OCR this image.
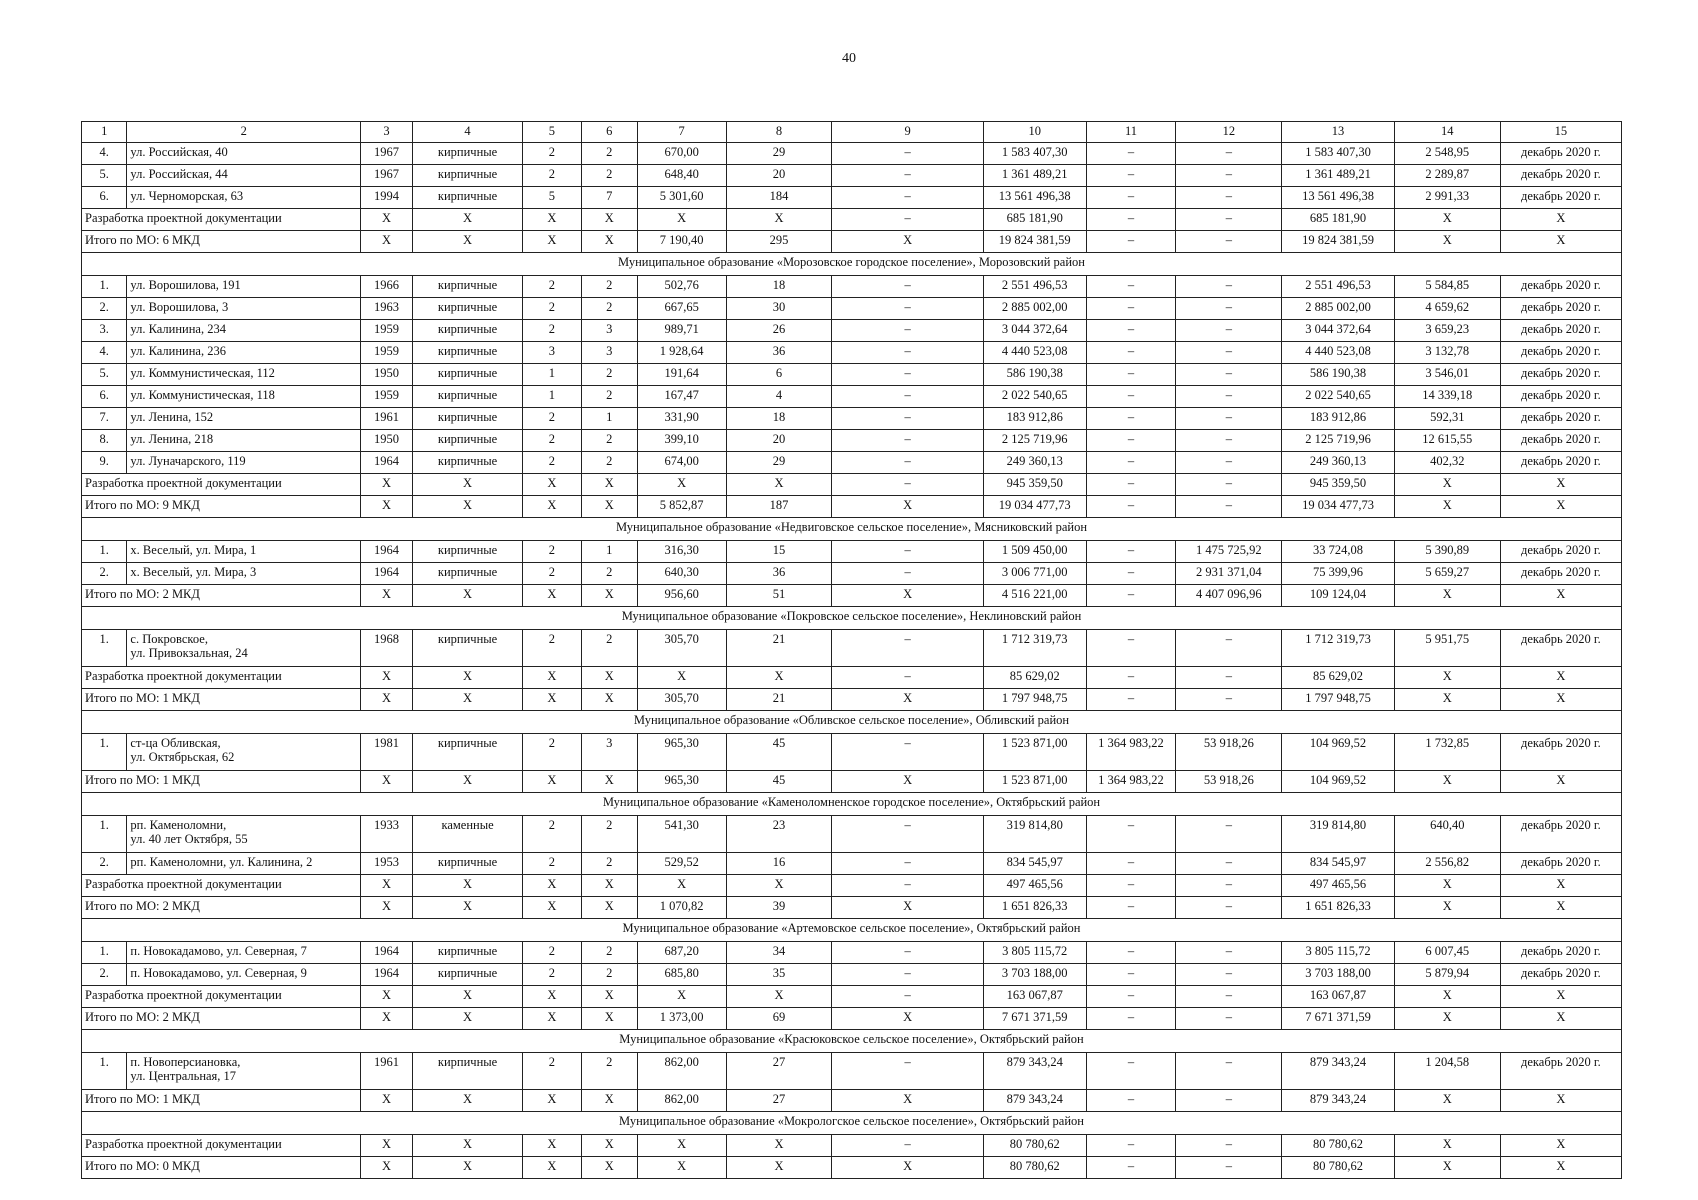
40
1	2	3	4	5	6	7	8	9	10	11	12	13	14	15
4.	ул. Российская, 40	1967	кирпичные	2	2	670,00	29	–	1 583 407,30	–	–	1 583 407,30	2 548,95	декабрь 2020 г.
5.	ул. Российская, 44	1967	кирпичные	2	2	648,40	20	–	1 361 489,21	–	–	1 361 489,21	2 289,87	декабрь 2020 г.
6.	ул. Черноморская, 63	1994	кирпичные	5	7	5 301,60	184	–	13 561 496,38	–	–	13 561 496,38	2 991,33	декабрь 2020 г.
Разработка проектной документации		X	X	X	X	X	X	–	685 181,90	–	–	685 181,90	X	X
Итого по МО: 6 МКД		X	X	X	X	7 190,40	295	X	19 824 381,59	–	–	19 824 381,59	X	X
Муниципальное образование «Морозовское городское поселение», Морозовский район														
1.	ул. Ворошилова, 191	1966	кирпичные	2	2	502,76	18	–	2 551 496,53	–	–	2 551 496,53	5 584,85	декабрь 2020 г.
2.	ул. Ворошилова, 3	1963	кирпичные	2	2	667,65	30	–	2 885 002,00	–	–	2 885 002,00	4 659,62	декабрь 2020 г.
3.	ул. Калинина, 234	1959	кирпичные	2	3	989,71	26	–	3 044 372,64	–	–	3 044 372,64	3 659,23	декабрь 2020 г.
4.	ул. Калинина, 236	1959	кирпичные	3	3	1 928,64	36	–	4 440 523,08	–	–	4 440 523,08	3 132,78	декабрь 2020 г.
5.	ул. Коммунистическая, 112	1950	кирпичные	1	2	191,64	6	–	586 190,38	–	–	586 190,38	3 546,01	декабрь 2020 г.
6.	ул. Коммунистическая, 118	1959	кирпичные	1	2	167,47	4	–	2 022 540,65	–	–	2 022 540,65	14 339,18	декабрь 2020 г.
7.	ул. Ленина, 152	1961	кирпичные	2	1	331,90	18	–	183 912,86	–	–	183 912,86	592,31	декабрь 2020 г.
8.	ул. Ленина, 218	1950	кирпичные	2	2	399,10	20	–	2 125 719,96	–	–	2 125 719,96	12 615,55	декабрь 2020 г.
9.	ул. Луначарского, 119	1964	кирпичные	2	2	674,00	29	–	249 360,13	–	–	249 360,13	402,32	декабрь 2020 г.
Разработка проектной документации		X	X	X	X	X	X	–	945 359,50	–	–	945 359,50	X	X
Итого по МО: 9 МКД		X	X	X	X	5 852,87	187	X	19 034 477,73	–	–	19 034 477,73	X	X
Муниципальное образование «Недвиговское сельское поселение», Мясниковский район														
1.	х. Веселый, ул. Мира, 1	1964	кирпичные	2	1	316,30	15	–	1 509 450,00	–	1 475 725,92	33 724,08	5 390,89	декабрь 2020 г.
2.	х. Веселый, ул. Мира, 3	1964	кирпичные	2	2	640,30	36	–	3 006 771,00	–	2 931 371,04	75 399,96	5 659,27	декабрь 2020 г.
Итого по МО: 2 МКД		X	X	X	X	956,60	51	X	4 516 221,00	–	4 407 096,96	109 124,04	X	X
Муниципальное образование «Покровское сельское поселение», Неклиновский район														
1.	с. Покровское,
ул. Привокзальная, 24	1968	кирпичные	2	2	305,70	21	–	1 712 319,73	–	–	1 712 319,73	5 951,75	декабрь 2020 г.
Разработка проектной документации		X	X	X	X	X	X	–	85 629,02	–	–	85 629,02	X	X
Итого по МО: 1 МКД		X	X	X	X	305,70	21	X	1 797 948,75	–	–	1 797 948,75	X	X
Муниципальное образование «Обливское сельское поселение», Обливский район														
1.	ст-ца Обливская,
ул. Октябрьская, 62	1981	кирпичные	2	3	965,30	45	–	1 523 871,00	1 364 983,22	53 918,26	104 969,52	1 732,85	декабрь 2020 г.
Итого по МО: 1 МКД		X	X	X	X	965,30	45	X	1 523 871,00	1 364 983,22	53 918,26	104 969,52	X	X
Муниципальное образование «Каменоломненское городское поселение», Октябрьский район														
1.	рп. Каменоломни,
ул. 40 лет Октября, 55	1933	каменные	2	2	541,30	23	–	319 814,80	–	–	319 814,80	640,40	декабрь 2020 г.
2.	рп. Каменоломни, ул. Калинина, 2	1953	кирпичные	2	2	529,52	16	–	834 545,97	–	–	834 545,97	2 556,82	декабрь 2020 г.
Разработка проектной документации		X	X	X	X	X	X	–	497 465,56	–	–	497 465,56	X	X
Итого по МО: 2 МКД		X	X	X	X	1 070,82	39	X	1 651 826,33	–	–	1 651 826,33	X	X
Муниципальное образование «Артемовское сельское поселение», Октябрьский район														
1.	п. Новокадамово, ул. Северная, 7	1964	кирпичные	2	2	687,20	34	–	3 805 115,72	–	–	3 805 115,72	6 007,45	декабрь 2020 г.
2.	п. Новокадамово, ул. Северная, 9	1964	кирпичные	2	2	685,80	35	–	3 703 188,00	–	–	3 703 188,00	5 879,94	декабрь 2020 г.
Разработка проектной документации		X	X	X	X	X	X	–	163 067,87	–	–	163 067,87	X	X
Итого по МО: 2 МКД		X	X	X	X	1 373,00	69	X	7 671 371,59	–	–	7 671 371,59	X	X
Муниципальное образование «Красюковское сельское поселение», Октябрьский район														
1.	п. Новоперсиановка,
ул. Центральная, 17	1961	кирпичные	2	2	862,00	27	–	879 343,24	–	–	879 343,24	1 204,58	декабрь 2020 г.
Итого по МО: 1 МКД		X	X	X	X	862,00	27	X	879 343,24	–	–	879 343,24	X	X
Муниципальное образование «Мокрологское сельское поселение», Октябрьский район														
Разработка проектной документации		X	X	X	X	X	X	–	80 780,62	–	–	80 780,62	X	X
Итого по МО: 0 МКД		X	X	X	X	X	X	X	80 780,62	–	–	80 780,62	X	X
